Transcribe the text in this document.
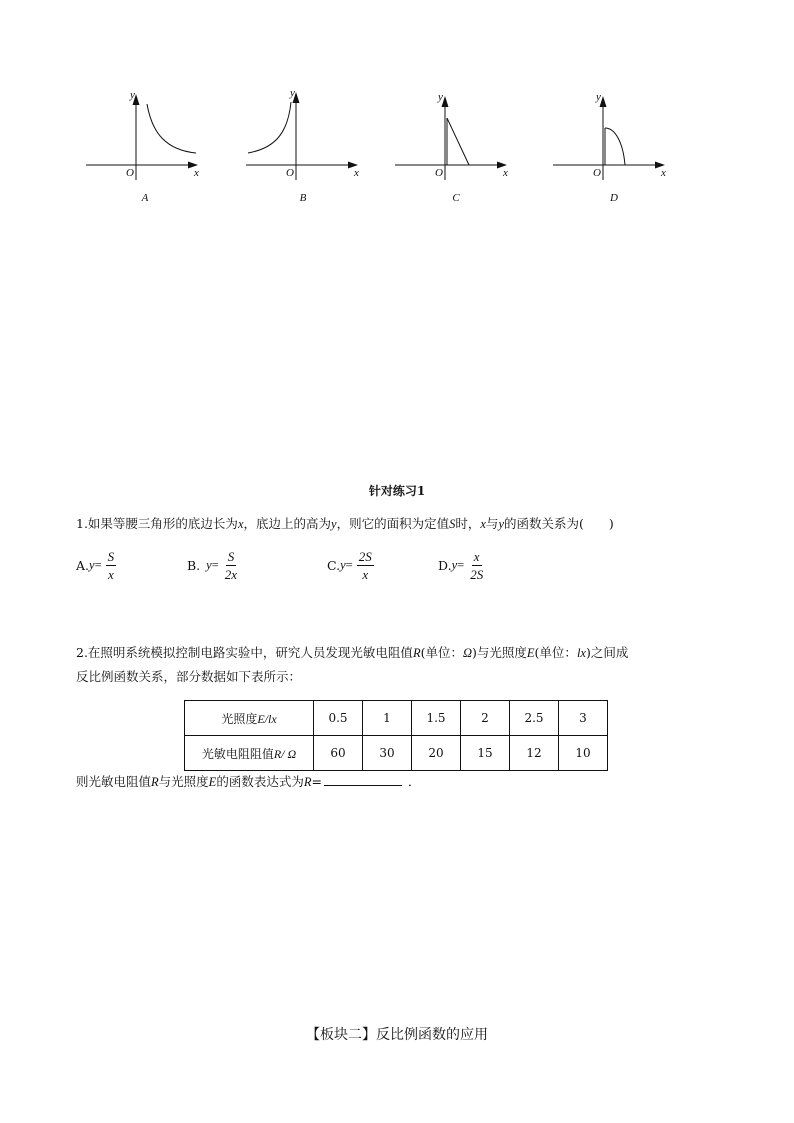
y
x
O
A
y
x
O
B
y
x
O
C
y
x
O
D
针对练习1
1.如果等腰三角形的底边长为x，底边上的高为y，则它的面积为定值S时，x与y的函数关系为(　　)
A. $y = \frac{S}{x}$	B. $y = \frac{S}{2x}$	C. $y = \frac{2S}{x}$	D. $y = \frac{x}{2S}$
2.在照明系统模拟控制电路实验中，研究人员发现光敏电阻值R(单位：Ω)与光照度E(单位：lx)之间成
反比例函数关系，部分数据如下表所示：
光照度E/lx	0.5	1	1.5	2	2.5	3
光敏电阻阻值R/ Ω	60	30	20	15	12	10
则光敏电阻值R与光照度E的函数表达式为R=	．
【板块二】反比例函数的应用
